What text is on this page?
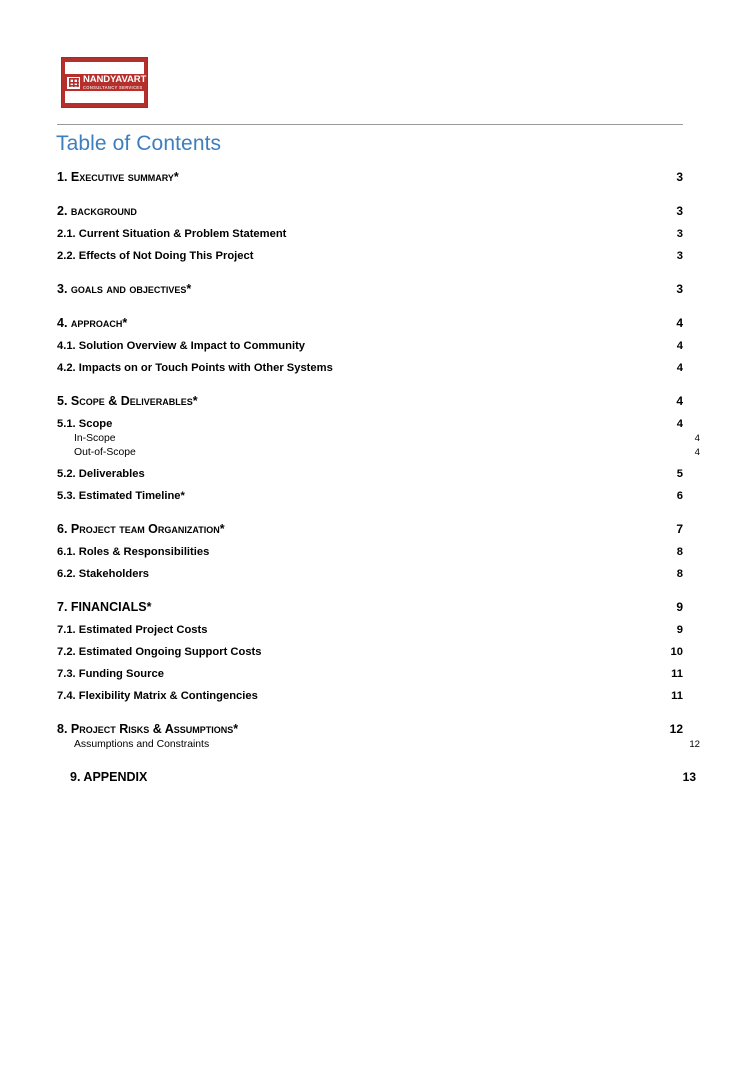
NANDYAVART
CONSULTANCY SERVICES
Table of Contents
1. Executive summary*	3
2. background	3
2.1. Current Situation & Problem Statement	3
2.2. Effects of Not Doing This Project	3
3. goals and objectives*	3
4. approach*	4
4.1. Solution Overview & Impact to Community	4
4.2. Impacts on or Touch Points with Other Systems	4
5. Scope & Deliverables*	4
5.1. Scope	4
In-Scope	4
Out-of-Scope	4
5.2. Deliverables	5
5.3. Estimated Timeline*	6
6. Project team Organization*	7
6.1. Roles & Responsibilities	8
6.2. Stakeholders	8
7. FINANCIALS*	9
7.1. Estimated Project Costs	9
7.2. Estimated Ongoing Support Costs	10
7.3. Funding Source	11
7.4. Flexibility Matrix & Contingencies	11
8. Project Risks & Assumptions*	12
Assumptions and Constraints	12
9. APPENDIX	13
